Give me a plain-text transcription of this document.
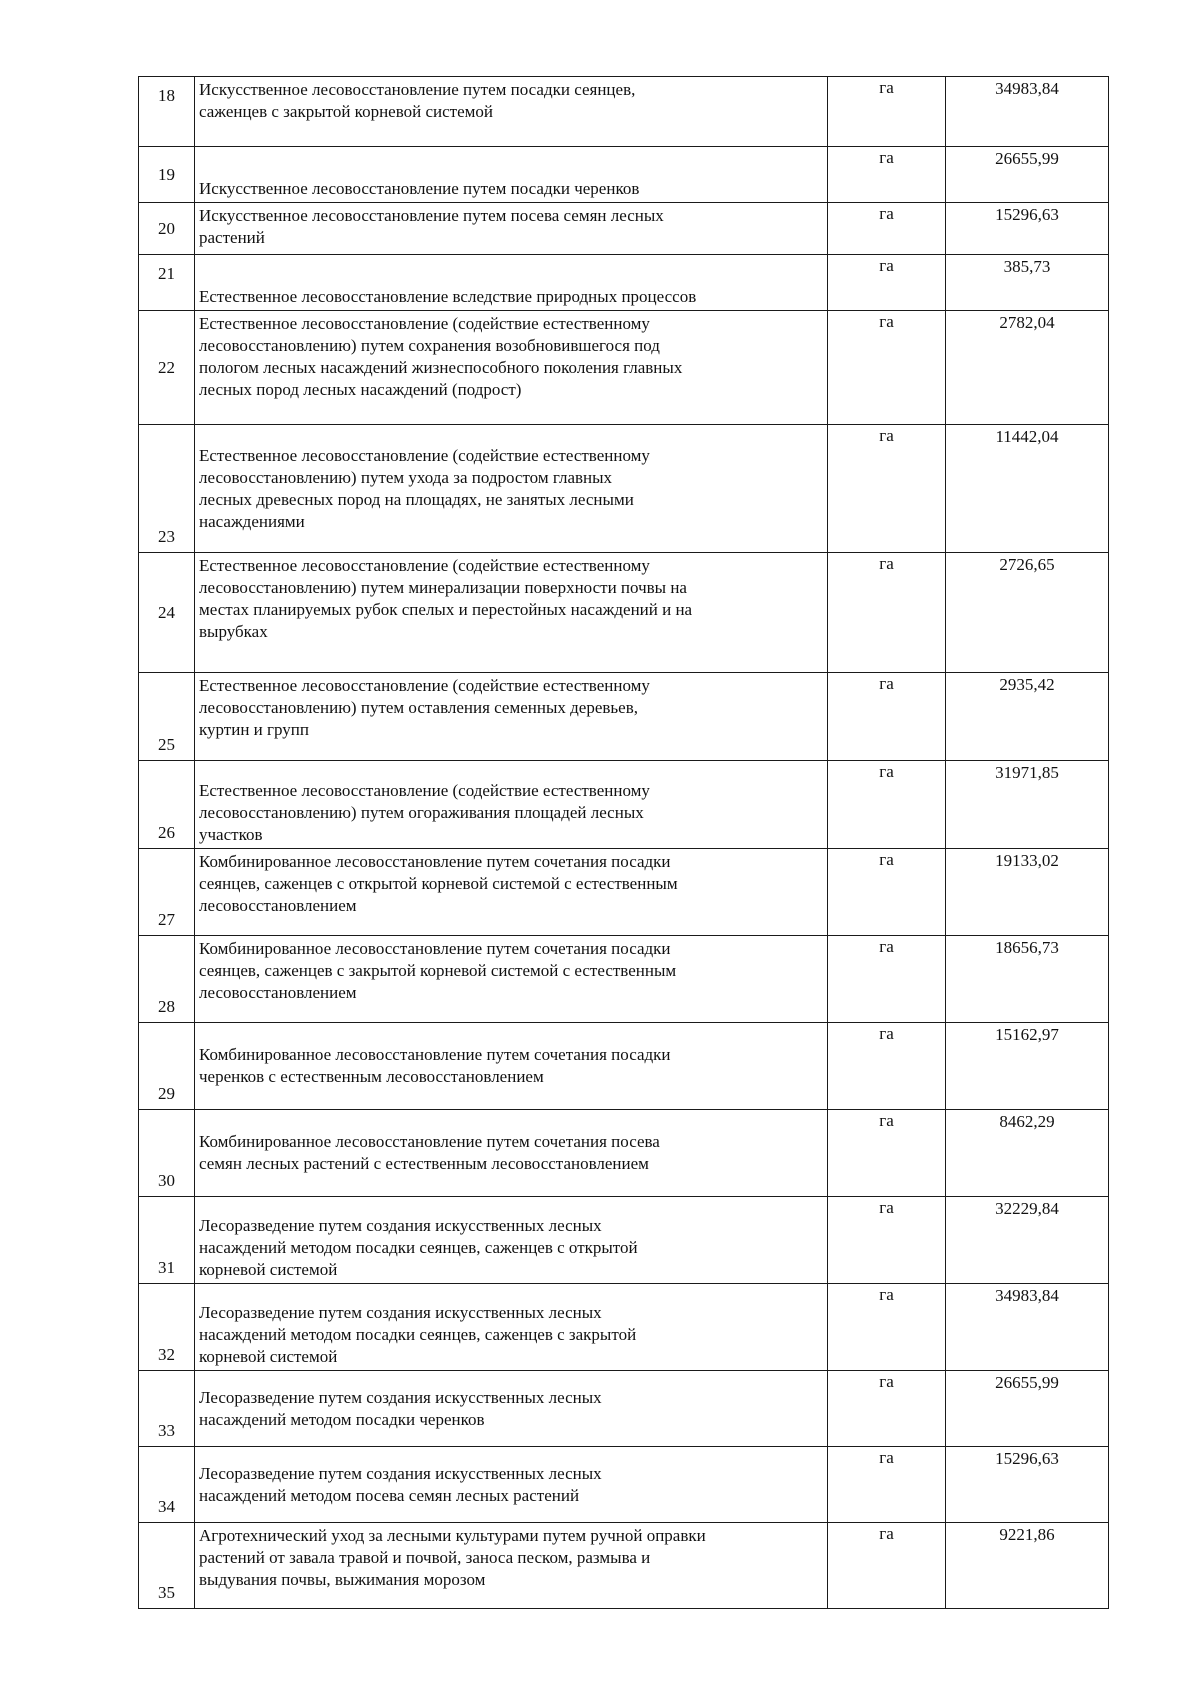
18	Искусственное лесовосстановление путем посадки сеянцев,
саженцев с закрытой корневой системой	га	34983,84

19	Искусственное лесовосстановление путем посадки черенков	га	26655,99

20	Искусственное лесовосстановление путем посева семян лесных
растений	га	15296,63

21	Естественное лесовосстановление вследствие природных процессов	га	385,73

22	Естественное лесовосстановление (содействие естественному
лесовосстановлению) путем сохранения возобновившегося под
пологом лесных насаждений жизнеспособного поколения главных
лесных пород лесных насаждений (подрост)	га	2782,04

23	Естественное лесовосстановление (содействие естественному
лесовосстановлению) путем ухода за подростом главных
лесных древесных пород на площадях, не занятых лесными
насаждениями	га	11442,04

24	Естественное лесовосстановление (содействие естественному
лесовосстановлению) путем минерализации поверхности почвы на
местах планируемых рубок спелых и перестойных насаждений и на
вырубках	га	2726,65

25	Естественное лесовосстановление (содействие естественному
лесовосстановлению) путем оставления семенных деревьев,
куртин и групп	га	2935,42

26	Естественное лесовосстановление (содействие естественному
лесовосстановлению) путем огораживания площадей лесных
участков	га	31971,85

27	Комбинированное лесовосстановление путем сочетания посадки
сеянцев, саженцев с открытой корневой системой с естественным
лесовосстановлением	га	19133,02

28	Комбинированное лесовосстановление путем сочетания посадки
сеянцев, саженцев с закрытой корневой системой с естественным
лесовосстановлением	га	18656,73

29	Комбинированное лесовосстановление путем сочетания посадки
черенков с естественным лесовосстановлением	га	15162,97

30	Комбинированное лесовосстановление путем сочетания посева
семян лесных растений с естественным лесовосстановлением	га	8462,29

31	Лесоразведение путем создания искусственных лесных
насаждений методом посадки сеянцев, саженцев с открытой
корневой системой	га	32229,84

32	Лесоразведение путем создания искусственных лесных
насаждений методом посадки сеянцев, саженцев с закрытой
корневой системой	га	34983,84

33	Лесоразведение путем создания искусственных лесных
насаждений методом посадки черенков	га	26655,99

34	Лесоразведение путем создания искусственных лесных
насаждений методом посева семян лесных растений	га	15296,63

35	Агротехнический уход за лесными культурами путем ручной оправки
растений от завала травой и почвой, заноса песком, размыва и
выдувания почвы, выжимания морозом	га	9221,86
